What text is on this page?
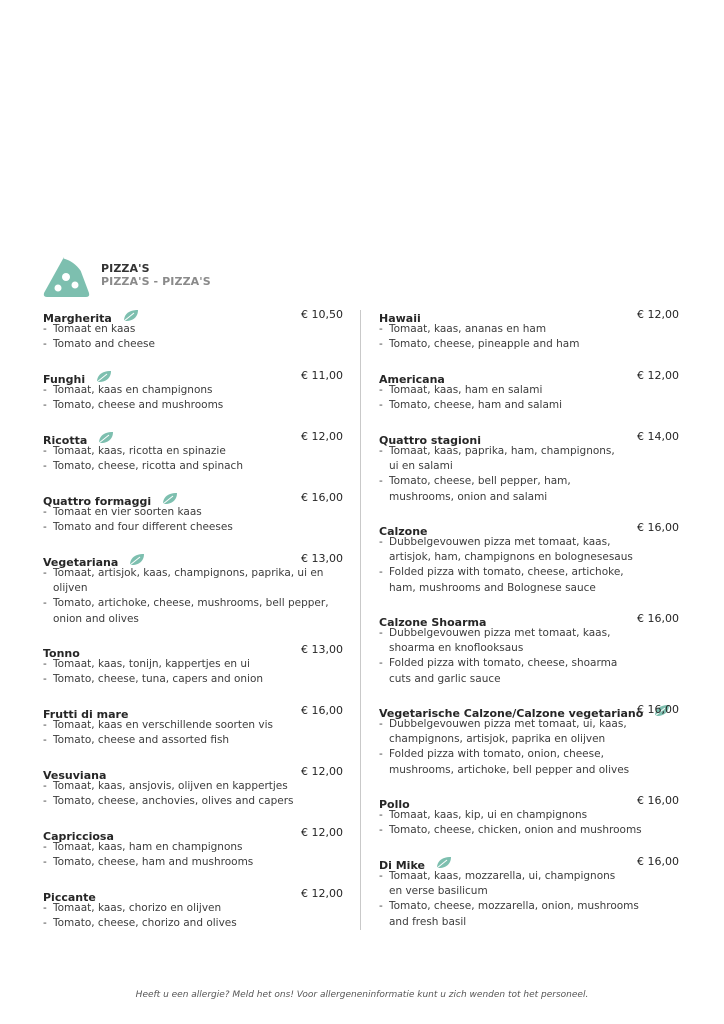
PIZZA'S
PIZZA'S - PIZZA'S
Margherita	€ 10,50
- Tomaat en kaas
- Tomato and cheese
Funghi	€ 11,00
- Tomaat, kaas en champignons
- Tomato, cheese and mushrooms
Ricotta	€ 12,00
- Tomaat, kaas, ricotta en spinazie
- Tomato, cheese, ricotta and spinach
Quattro formaggi	€ 16,00
- Tomaat en vier soorten kaas
- Tomato and four different cheeses
Vegetariana	€ 13,00
- Tomaat, artisjok, kaas, champignons, paprika, ui en olijven
- Tomato, artichoke, cheese, mushrooms, bell pepper, onion and olives
Tonno	€ 13,00
- Tomaat, kaas, tonijn, kappertjes en ui
- Tomato, cheese, tuna, capers and onion
Frutti di mare	€ 16,00
- Tomaat, kaas en verschillende soorten vis
- Tomato, cheese and assorted fish
Vesuviana	€ 12,00
- Tomaat, kaas, ansjovis, olijven en kappertjes
- Tomato, cheese, anchovies, olives and capers
Capricciosa	€ 12,00
- Tomaat, kaas, ham en champignons
- Tomato, cheese, ham and mushrooms
Piccante	€ 12,00
- Tomaat, kaas, chorizo en olijven
- Tomato, cheese, chorizo and olives
Hawaii	€ 12,00
- Tomaat, kaas, ananas en ham
- Tomato, cheese, pineapple and ham
Americana	€ 12,00
- Tomaat, kaas, ham en salami
- Tomato, cheese, ham and salami
Quattro stagioni	€ 14,00
- Tomaat, kaas, paprika, ham, champignons, ui en salami
- Tomato, cheese, bell pepper, ham, mushrooms, onion and salami
Calzone	€ 16,00
- Dubbelgevouwen pizza met tomaat, kaas, artisjok, ham, champignons en bolognesesaus
- Folded pizza with tomato, cheese, artichoke, ham, mushrooms and Bolognese sauce
Calzone Shoarma	€ 16,00
- Dubbelgevouwen pizza met tomaat, kaas, shoarma en knoflooksaus
- Folded pizza with tomato, cheese, shoarma cuts and garlic sauce
Vegetarische Calzone/Calzone vegetariano
€ 16,00
- Dubbelgevouwen pizza met tomaat, ui, kaas, champignons, artisjok, paprika en olijven
- Folded pizza with tomato, onion, cheese, mushrooms, artichoke, bell pepper and olives
Pollo	€ 16,00
- Tomaat, kaas, kip, ui en champignons
- Tomato, cheese, chicken, onion and mushrooms
Di Mike	€ 16,00
- Tomaat, kaas, mozzarella, ui, champignons en verse basilicum
- Tomato, cheese, mozzarella, onion, mushrooms and fresh basil
Heeft u een allergie? Meld het ons! Voor allergeneninformatie kunt u zich wenden tot het personeel.
